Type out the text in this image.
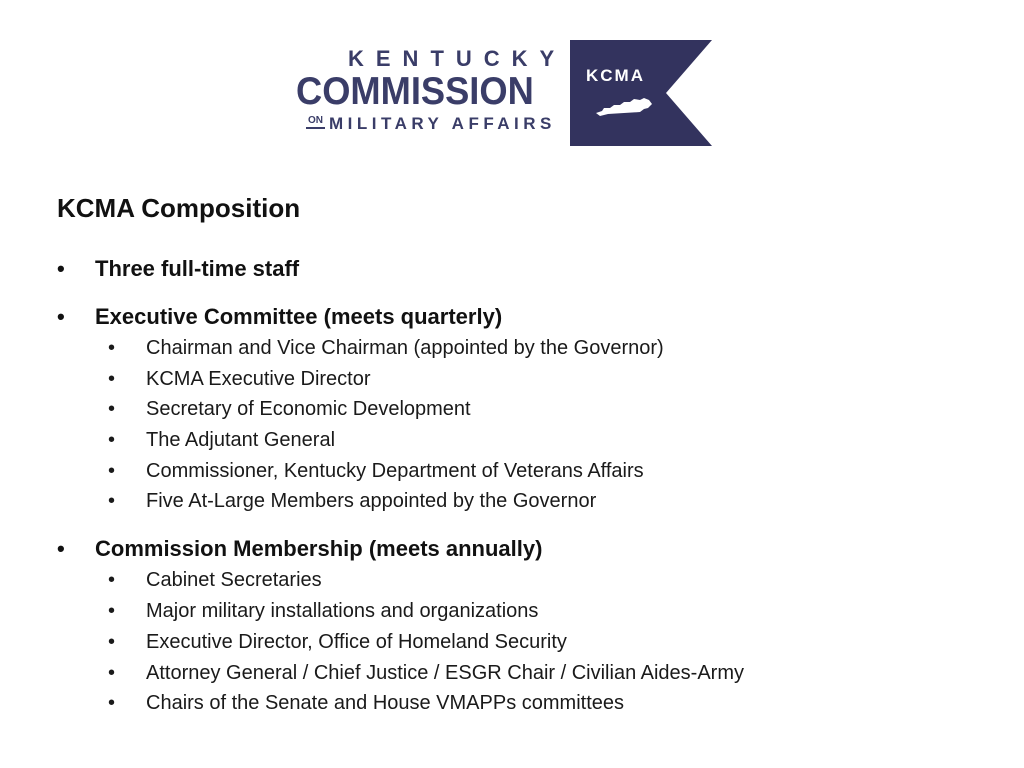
KENTUCKY
COMMISSION
ON MILITARY AFFAIRS
KCMA
KCMA Composition
• Three full-time staff
• Executive Committee (meets quarterly)
• Chairman and Vice Chairman (appointed by the Governor)
• KCMA Executive Director
• Secretary of Economic Development
• The Adjutant General
• Commissioner, Kentucky Department of Veterans Affairs
• Five At-Large Members appointed by the Governor
• Commission Membership (meets annually)
• Cabinet Secretaries
• Major military installations and organizations
• Executive Director, Office of Homeland Security
• Attorney General / Chief Justice / ESGR Chair / Civilian Aides-Army
• Chairs of the Senate and House VMAPPs committees
